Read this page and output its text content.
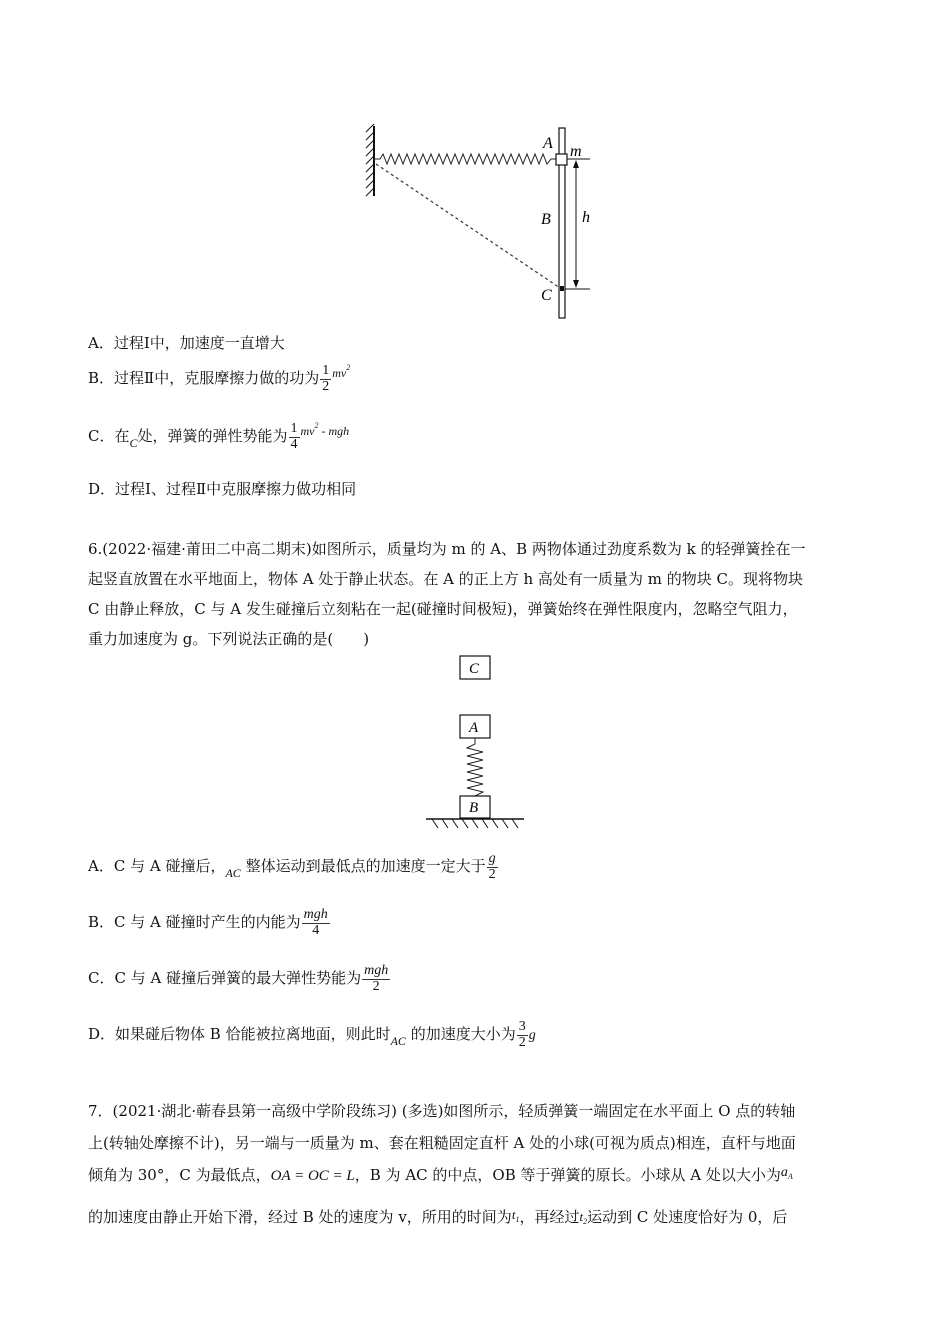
A m
B h
C
A．过程Ⅰ中，加速度一直增大
B．过程Ⅱ中，克服摩擦力做的功为 $\frac{1}{2} ^{mv^2}$
C．在$_C$处，弹簧的弹性势能为 $\frac{1}{4} ^{mv^2 - mgh}$
D．过程Ⅰ、过程Ⅱ中克服摩擦力做功相同
6.(2022·福建·莆田二中高二期末)如图所示，质量均为 m 的 A、B 两物体通过劲度系数为 k 的轻弹簧拴在一
起竖直放置在水平地面上，物体 A 处于静止状态。在 A 的正上方 h 高处有一质量为 m 的物块 C。现将物块
C 由静止释放，C 与 A 发生碰撞后立刻粘在一起(碰撞时间极短)，弹簧始终在弹性限度内，忽略空气阻力，
重力加速度为 g。下列说法正确的是(　　)
C
A
B
A．C 与 A 碰撞后，$_{AC}$ 整体运动到最低点的加速度一定大于 $\frac{g}{2}$
B．C 与 A 碰撞时产生的内能为 $\frac{\text{mgh}}{4}$
C．C 与 A 碰撞后弹簧的最大弹性势能为 $\frac{\text{mgh}}{2}$
D．如果碰后物体 B 恰能被拉离地面，则此时$_{AC}$ 的加速度大小为 $\frac{3}{2}$ g
7．(2021·湖北·蕲春县第一高级中学阶段练习) (多选)如图所示，轻质弹簧一端固定在水平面上 O 点的转轴
上(转轴处摩擦不计)，另一端与一质量为 m、套在粗糙固定直杆 A 处的小球(可视为质点)相连，直杆与地面
倾角为 30°，C 为最低点，OA = OC = L，B 为 AC 的中点，OB 等于弹簧的原长。小球从 A 处以大小为$a_A$
的加速度由静止开始下滑，经过 B 处的速度为 v，所用的时间为$t_1$，再经过$t_2$运动到 C 处速度恰好为 0，后
